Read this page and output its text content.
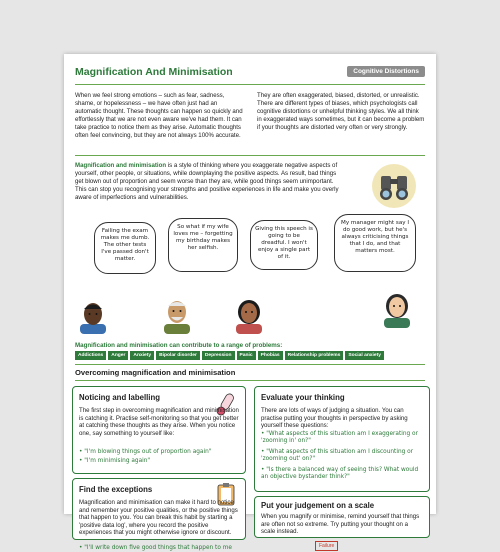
Magnification And Minimisation	Cognitive Distortions
When we feel strong emotions – such as fear, sadness, shame, or hopelessness – we have often just had an automatic thought. These thoughts can happen so quickly and effortlessly that we are not even aware we've had them. It can take practice to notice them as they arise. Automatic thoughts often feel convincing, but they are not always 100% accurate.
They are often exaggerated, biased, distorted, or unrealistic. There are different types of biases, which psychologists call cognitive distortions or unhelpful thinking styles. We all think in exaggerated ways sometimes, but it can become a problem if your thoughts are distorted very often or very strongly.
Magnification and minimisation is a style of thinking where you exaggerate negative aspects of yourself, other people, or situations, while downplaying the positive aspects. As result, bad things get blown out of proportion and seem worse than they are, while good things seem unimportant. This can stop you recognising your strengths and positive experiences in life and make you overly aware of imperfections and vulnerabilities.
Failing the exam makes me dumb. The other tests I've passed don't matter.
So what if my wife loves me – forgetting my birthday makes her selfish.
Giving this speech is going to be dreadful. I won't enjoy a single part of it.
My manager might say I do good work, but he's always criticising things that I do, and that matters most.
Magnification and minimisation can contribute to a range of problems:
Addictions	Anger	Anxiety	Bipolar disorder	Depression	Panic	Phobias	Relationship problems	Social anxiety
Overcoming magnification and minimisation
Noticing and labelling
The first step in overcoming magnification and minimisation is catching it. Practise self-monitoring so that you get better at catching these thoughts as they arise. When you notice one, say something to yourself like:
• "I'm blowing things out of proportion again"
• "I'm minimising again"
Evaluate your thinking
There are lots of ways of judging a situation. You can practise putting your thoughts in perspective by asking yourself these questions:
• "What aspects of this situation am I exaggerating or 'zooming in' on?"
• "What aspects of this situation am I discounting or 'zooming out' on?"
• "Is there a balanced way of seeing this? What would an objective bystander think?"
Find the exceptions
Magnification and minimisation can make it hard to notice and remember your positive qualities, or the positive things that happen to you. You can break this habit by starting a 'positive data log', where you record the positive experiences that you might otherwise ignore or discount.
• "I'll write down five good things that happen to me
Put your judgement on a scale
When you magnify or minimise, remind yourself that things are often not so extreme. Try putting your thought on a scale instead.
Failure
